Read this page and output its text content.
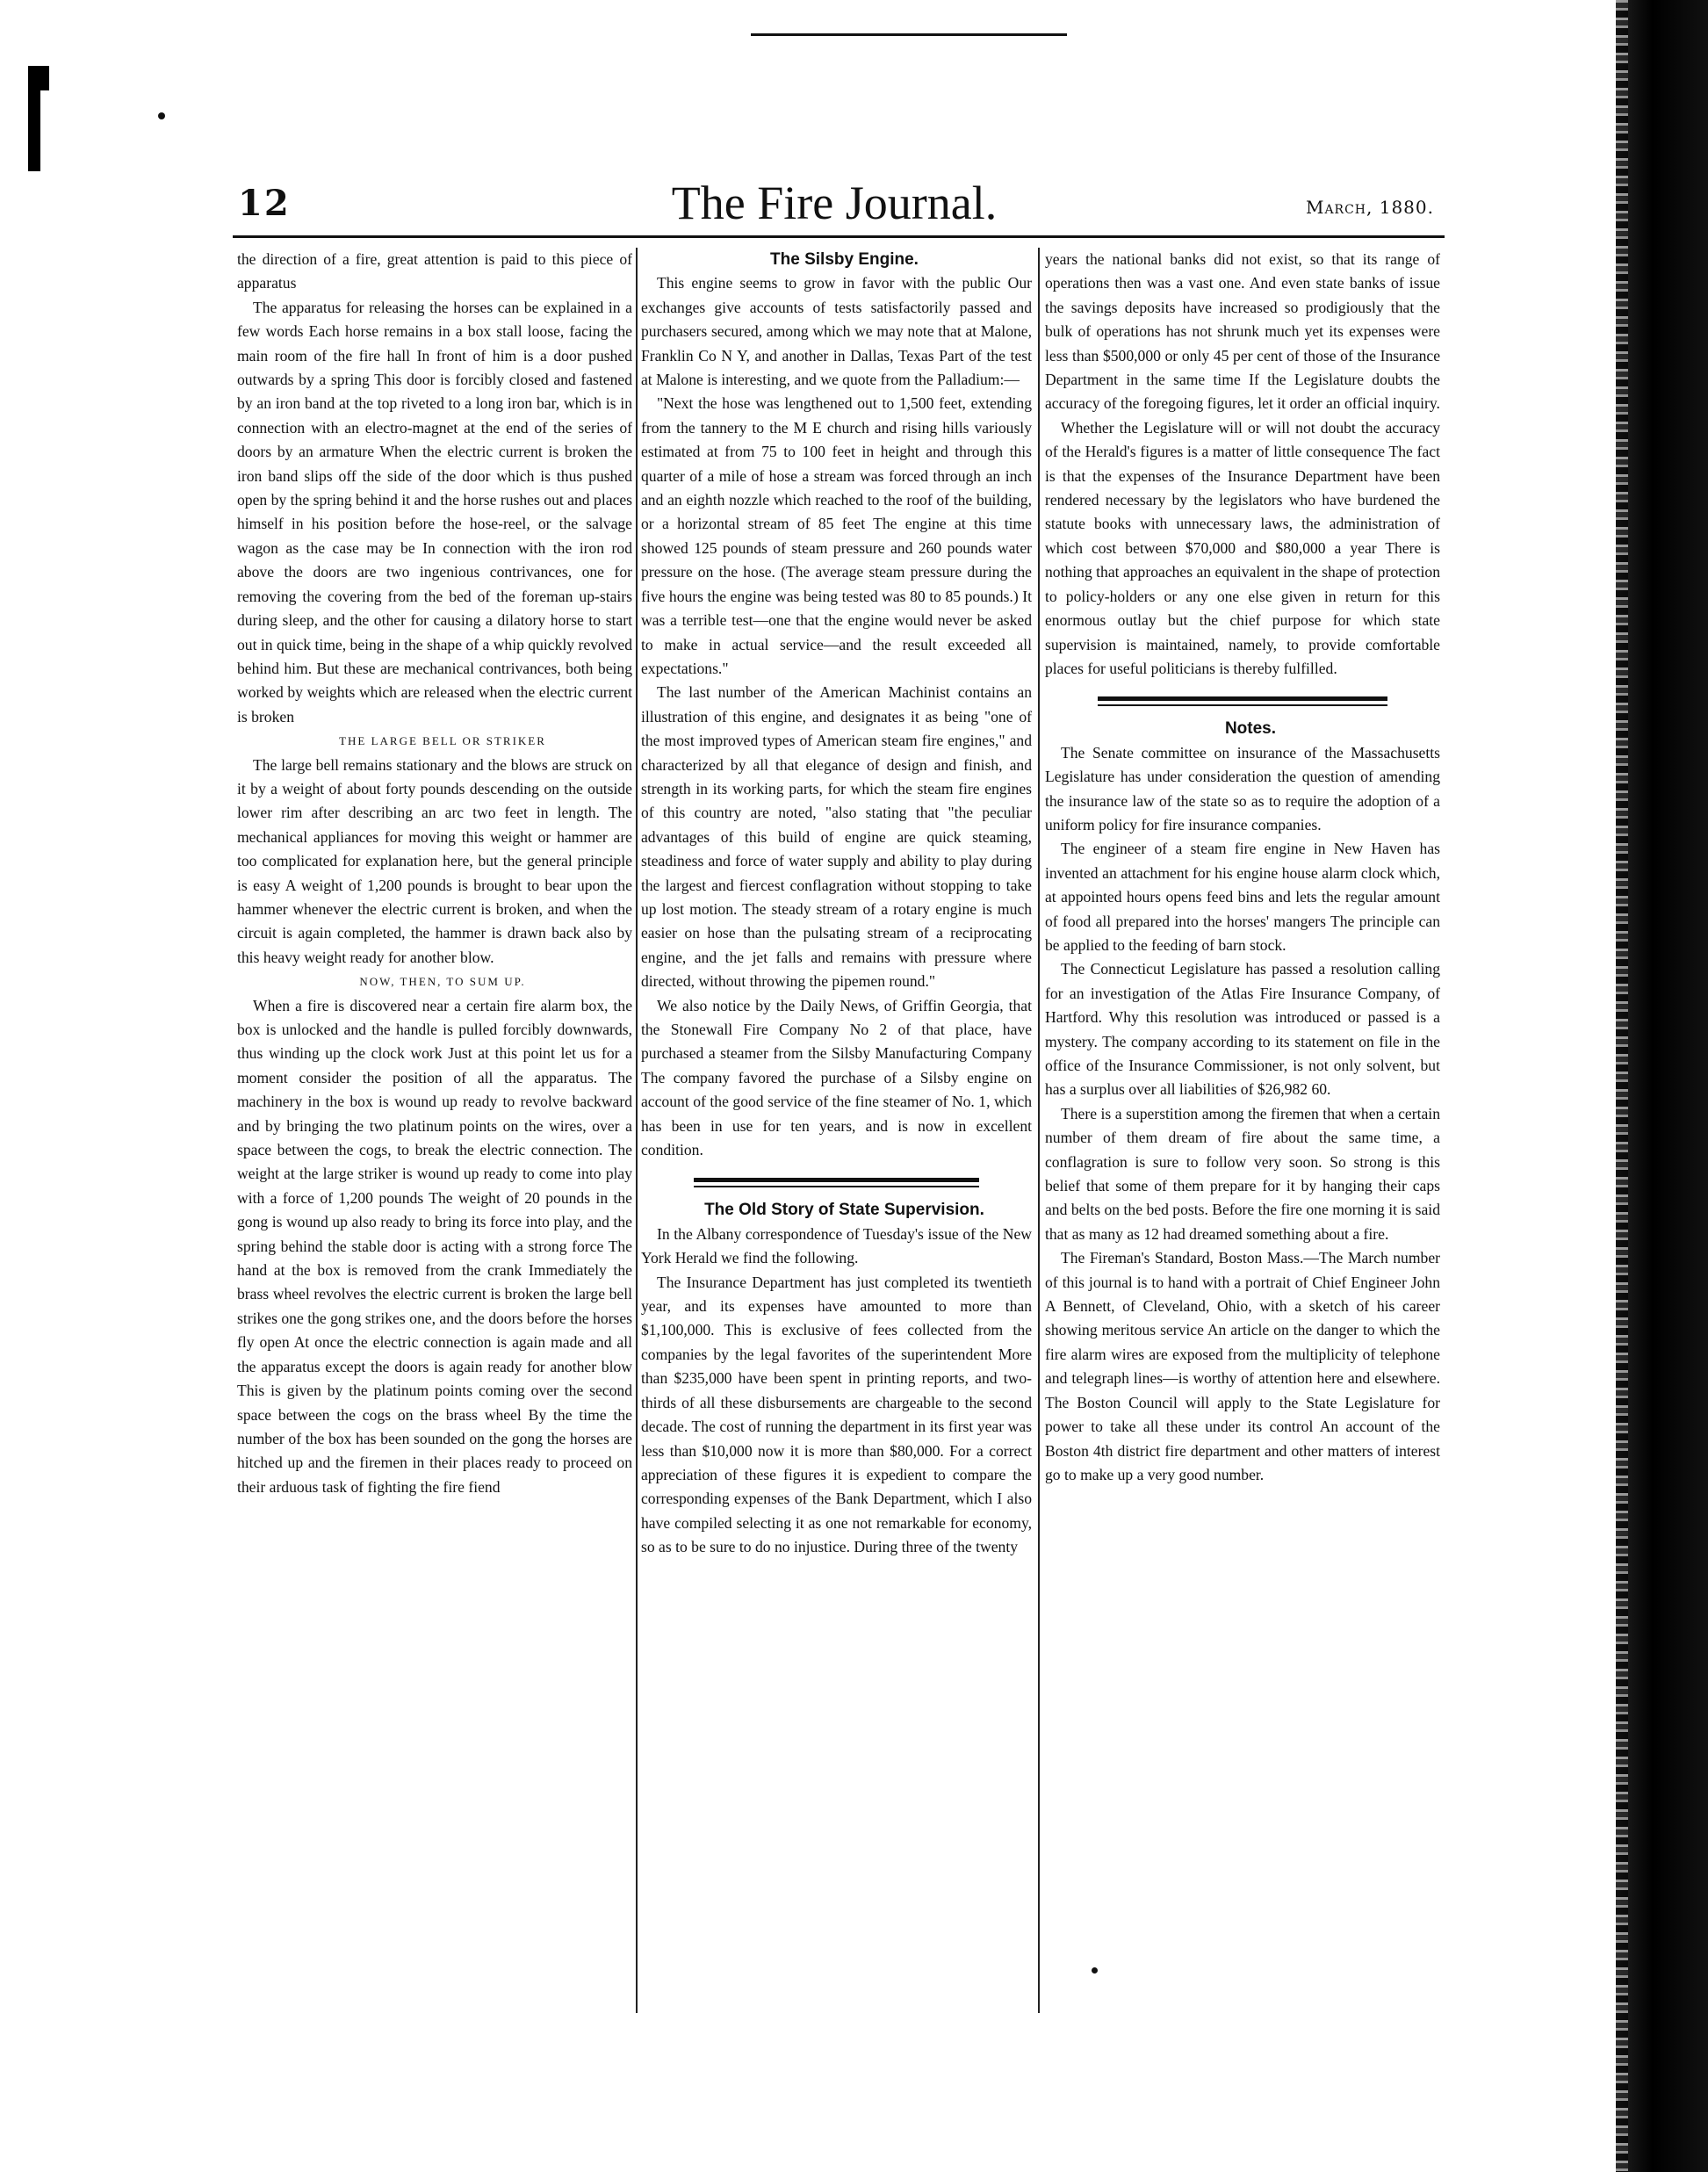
12	The Fire Journal.	March, 1880.

the direction of a fire, great attention is paid to this piece of apparatus

The apparatus for releasing the horses can be explained in a few words Each horse remains in a box stall loose, facing the main room of the fire hall In front of him is a door pushed outwards by a spring This door is forcibly closed and fastened by an iron band at the top riveted to a long iron bar, which is in connection with an electro-magnet at the end of the series of doors by an armature When the electric current is broken the iron band slips off the side of the door which is thus pushed open by the spring behind it and the horse rushes out and places himself in his position before the hose-reel, or the salvage wagon as the case may be In connection with the iron rod above the doors are two ingenious contrivances, one for removing the covering from the bed of the foreman up-stairs during sleep, and the other for causing a dilatory horse to start out in quick time, being in the shape of a whip quickly revolved behind him. But these are mechanical contrivances, both being worked by weights which are released when the electric current is broken

THE LARGE BELL OR STRIKER

The large bell remains stationary and the blows are struck on it by a weight of about forty pounds descending on the outside lower rim after describing an arc two feet in length. The mechanical appliances for moving this weight or hammer are too complicated for explanation here, but the general principle is easy A weight of 1,200 pounds is brought to bear upon the hammer whenever the electric current is broken, and when the circuit is again completed, the hammer is drawn back also by this heavy weight ready for another blow.

NOW, THEN, TO SUM UP.

When a fire is discovered near a certain fire alarm box, the box is unlocked and the handle is pulled forcibly downwards, thus winding up the clock work Just at this point let us for a moment consider the position of all the apparatus. The machinery in the box is wound up ready to revolve backward and by bringing the two platinum points on the wires, over a space between the cogs, to break the electric connection. The weight at the large striker is wound up ready to come into play with a force of 1,200 pounds The weight of 20 pounds in the gong is wound up also ready to bring its force into play, and the spring behind the stable door is acting with a strong force The hand at the box is removed from the crank Immediately the brass wheel revolves the electric current is broken the large bell strikes one the gong strikes one, and the doors before the horses fly open At once the electric connection is again made and all the apparatus except the doors is again ready for another blow This is given by the platinum points coming over the second space between the cogs on the brass wheel By the time the number of the box has been sounded on the gong the horses are hitched up and the firemen in their places ready to proceed on their arduous task of fighting the fire fiend

The Silsby Engine.

This engine seems to grow in favor with the public Our exchanges give accounts of tests satisfactorily passed and purchasers secured, among which we may note that at Malone, Franklin Co N Y, and another in Dallas, Texas Part of the test at Malone is interesting, and we quote from the Palladium:—

"Next the hose was lengthened out to 1,500 feet, extending from the tannery to the M E church and rising hills variously estimated at from 75 to 100 feet in height and through this quarter of a mile of hose a stream was forced through an inch and an eighth nozzle which reached to the roof of the building, or a horizontal stream of 85 feet The engine at this time showed 125 pounds of steam pressure and 260 pounds water pressure on the hose. (The average steam pressure during the five hours the engine was being tested was 80 to 85 pounds.) It was a terrible test—one that the engine would never be asked to make in actual service—and the result exceeded all expectations."

The last number of the American Machinist contains an illustration of this engine, and designates it as being "one of the most improved types of American steam fire engines," and characterized by all that elegance of design and finish, and strength in its working parts, for which the steam fire engines of this country are noted, "also stating that "the peculiar advantages of this build of engine are quick steaming, steadiness and force of water supply and ability to play during the largest and fiercest conflagration without stopping to take up lost motion. The steady stream of a rotary engine is much easier on hose than the pulsating stream of a reciprocating engine, and the jet falls and remains with pressure where directed, without throwing the pipemen round."

We also notice by the Daily News, of Griffin Georgia, that the Stonewall Fire Company No 2 of that place, have purchased a steamer from the Silsby Manufacturing Company The company favored the purchase of a Silsby engine on account of the good service of the fine steamer of No. 1, which has been in use for ten years, and is now in excellent condition.

The Old Story of State Supervision.

In the Albany correspondence of Tuesday's issue of the New York Herald we find the following.

The Insurance Department has just completed its twentieth year, and its expenses have amounted to more than $1,100,000. This is exclusive of fees collected from the companies by the legal favorites of the superintendent More than $235,000 have been spent in printing reports, and two-thirds of all these disbursements are chargeable to the second decade. The cost of running the department in its first year was less than $10,000 now it is more than $80,000. For a correct appreciation of these figures it is expedient to compare the corresponding expenses of the Bank Department, which I also have compiled selecting it as one not remarkable for economy, so as to be sure to do no injustice. During three of the twenty

years the national banks did not exist, so that its range of operations then was a vast one. And even state banks of issue the savings deposits have increased so prodigiously that the bulk of operations has not shrunk much yet its expenses were less than $500,000 or only 45 per cent of those of the Insurance Department in the same time If the Legislature doubts the accuracy of the foregoing figures, let it order an official inquiry.

Whether the Legislature will or will not doubt the accuracy of the Herald's figures is a matter of little consequence The fact is that the expenses of the Insurance Department have been rendered necessary by the legislators who have burdened the statute books with unnecessary laws, the administration of which cost between $70,000 and $80,000 a year There is nothing that approaches an equivalent in the shape of protection to policy-holders or any one else given in return for this enormous outlay but the chief purpose for which state supervision is maintained, namely, to provide comfortable places for useful politicians is thereby fulfilled.

Notes.

The Senate committee on insurance of the Massachusetts Legislature has under consideration the question of amending the insurance law of the state so as to require the adoption of a uniform policy for fire insurance companies.

The engineer of a steam fire engine in New Haven has invented an attachment for his engine house alarm clock which, at appointed hours opens feed bins and lets the regular amount of food all prepared into the horses' mangers The principle can be applied to the feeding of barn stock.

The Connecticut Legislature has passed a resolution calling for an investigation of the Atlas Fire Insurance Company, of Hartford. Why this resolution was introduced or passed is a mystery. The company according to its statement on file in the office of the Insurance Commissioner, is not only solvent, but has a surplus over all liabilities of $26,982 60.

There is a superstition among the firemen that when a certain number of them dream of fire about the same time, a conflagration is sure to follow very soon. So strong is this belief that some of them prepare for it by hanging their caps and belts on the bed posts. Before the fire one morning it is said that as many as 12 had dreamed something about a fire.

The Fireman's Standard, Boston Mass.—The March number of this journal is to hand with a portrait of Chief Engineer John A Bennett, of Cleveland, Ohio, with a sketch of his career showing meritous service An article on the danger to which the fire alarm wires are exposed from the multiplicity of telephone and telegraph lines—is worthy of attention here and elsewhere. The Boston Council will apply to the State Legislature for power to take all these under its control An account of the Boston 4th district fire department and other matters of interest go to make up a very good number.
